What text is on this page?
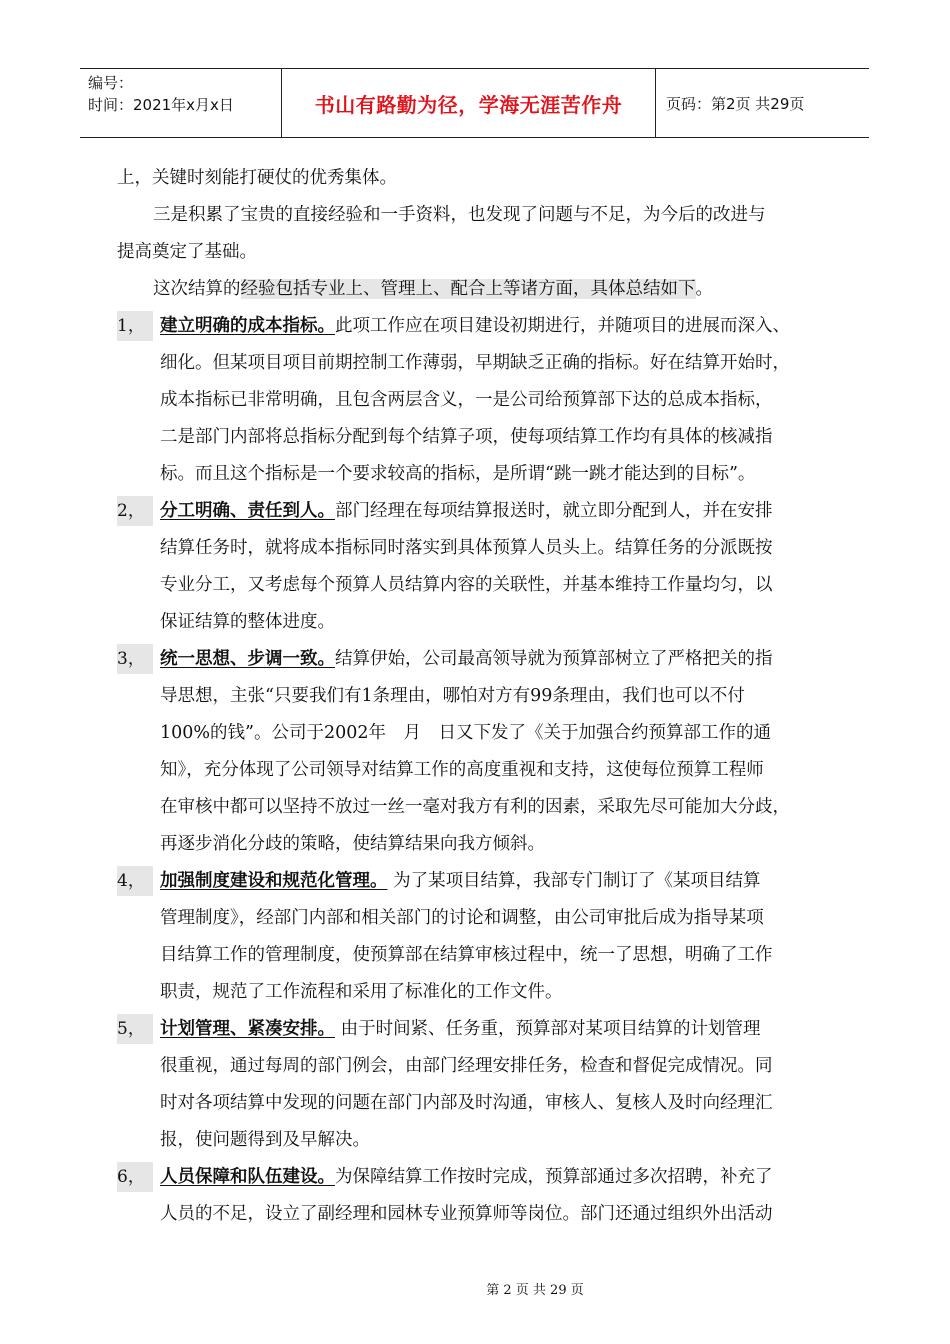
编号：
时间：2021年x月x日	书山有路勤为径，学海无涯苦作舟	页码：第2页 共29页
上，关键时刻能打硬仗的优秀集体。
三是积累了宝贵的直接经验和一手资料，也发现了问题与不足，为今后的改进与
提高奠定了基础。
这次结算的经验包括专业上、管理上、配合上等诸方面，具体总结如下。
1， 建立明确的成本指标。此项工作应在项目建设初期进行，并随项目的进展而深入、
细化。但某项目项目前期控制工作薄弱，早期缺乏正确的指标。好在结算开始时，
成本指标已非常明确，且包含两层含义，一是公司给预算部下达的总成本指标，
二是部门内部将总指标分配到每个结算子项，使每项结算工作均有具体的核减指
标。而且这个指标是一个要求较高的指标，是所谓“跳一跳才能达到的目标”。
2， 分工明确、责任到人。部门经理在每项结算报送时，就立即分配到人，并在安排
结算任务时，就将成本指标同时落实到具体预算人员头上。结算任务的分派既按
专业分工，又考虑每个预算人员结算内容的关联性，并基本维持工作量均匀，以
保证结算的整体进度。
3， 统一思想、步调一致。结算伊始，公司最高领导就为预算部树立了严格把关的指
导思想，主张“只要我们有1条理由，哪怕对方有99条理由，我们也可以不付
100%的钱”。公司于2002年　月　日又下发了《关于加强合约预算部工作的通
知》，充分体现了公司领导对结算工作的高度重视和支持，这使每位预算工程师
在审核中都可以坚持不放过一丝一毫对我方有利的因素，采取先尽可能加大分歧，
再逐步消化分歧的策略，使结算结果向我方倾斜。
4， 加强制度建设和规范化管理。 为了某项目结算，我部专门制订了《某项目结算
管理制度》，经部门内部和相关部门的讨论和调整，由公司审批后成为指导某项
目结算工作的管理制度，使预算部在结算审核过程中，统一了思想，明确了工作
职责，规范了工作流程和采用了标准化的工作文件。
5， 计划管理、紧凑安排。 由于时间紧、任务重，预算部对某项目结算的计划管理
很重视，通过每周的部门例会，由部门经理安排任务，检查和督促完成情况。同
时对各项结算中发现的问题在部门内部及时沟通，审核人、复核人及时向经理汇
报，使问题得到及早解决。
6， 人员保障和队伍建设。为保障结算工作按时完成，预算部通过多次招聘，补充了
人员的不足，设立了副经理和园林专业预算师等岗位。部门还通过组织外出活动
第 2 页 共 29 页
